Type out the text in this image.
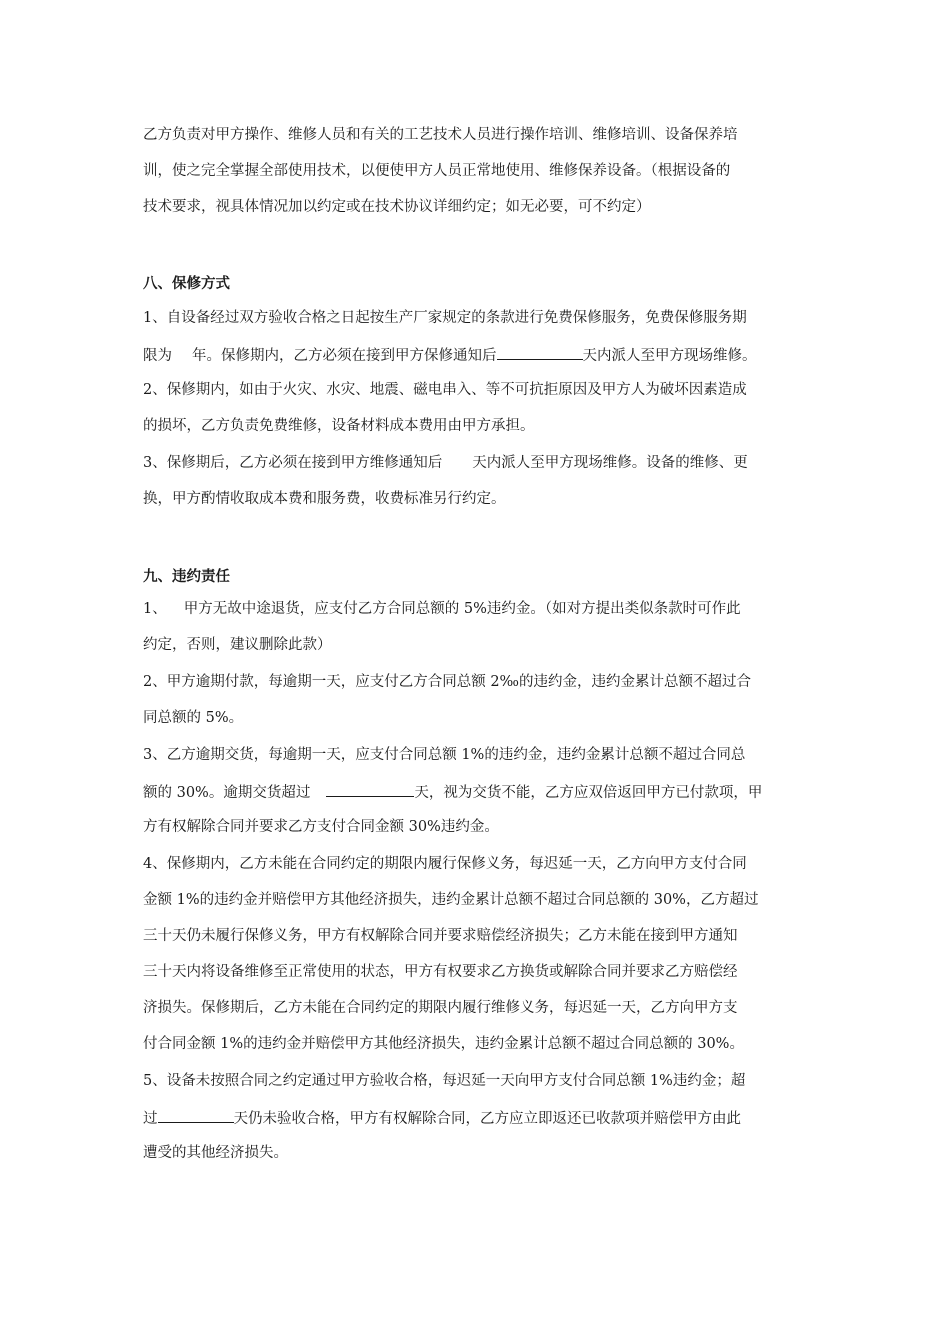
乙方负责对甲方操作、维修人员和有关的工艺技术人员进行操作培训、维修培训、设备保养培
训，使之完全掌握全部使用技术，以便使甲方人员正常地使用、维修保养设备。（根据设备的
技术要求，视具体情况加以约定或在技术协议详细约定；如无必要，可不约定）
八、保修方式
1、自设备经过双方验收合格之日起按生产厂家规定的条款进行免费保修服务，免费保修服务期
限为 年。保修期内，乙方必须在接到甲方保修通知后	天内派人至甲方现场维修。
2、保修期内，如由于火灾、水灾、地震、磁电串入、等不可抗拒原因及甲方人为破坏因素造成
的损坏，乙方负责免费维修，设备材料成本费用由甲方承担。
3、保修期后，乙方必须在接到甲方维修通知后 天内派人至甲方现场维修。设备的维修、更
换，甲方酌情收取成本费和服务费，收费标准另行约定。
九、违约责任
1、 甲方无故中途退货，应支付乙方合同总额的 5%违约金。（如对方提出类似条款时可作此
约定，否则，建议删除此款）
2、甲方逾期付款，每逾期一天，应支付乙方合同总额 2‰的违约金，违约金累计总额不超过合
同总额的 5%。
3、乙方逾期交货，每逾期一天，应支付合同总额 1%的违约金，违约金累计总额不超过合同总
额的 30%。逾期交货超过	天，视为交货不能，乙方应双倍返回甲方已付款项，甲
方有权解除合同并要求乙方支付合同金额 30%违约金。
4、保修期内，乙方未能在合同约定的期限内履行保修义务，每迟延一天，乙方向甲方支付合同
金额 1%的违约金并赔偿甲方其他经济损失，违约金累计总额不超过合同总额的 30%，乙方超过
三十天仍未履行保修义务，甲方有权解除合同并要求赔偿经济损失；乙方未能在接到甲方通知
三十天内将设备维修至正常使用的状态，甲方有权要求乙方换货或解除合同并要求乙方赔偿经
济损失。保修期后，乙方未能在合同约定的期限内履行维修义务，每迟延一天，乙方向甲方支
付合同金额 1%的违约金并赔偿甲方其他经济损失，违约金累计总额不超过合同总额的 30%。
5、设备未按照合同之约定通过甲方验收合格，每迟延一天向甲方支付合同总额 1%违约金；超
过	天仍未验收合格，甲方有权解除合同，乙方应立即返还已收款项并赔偿甲方由此
遭受的其他经济损失。
